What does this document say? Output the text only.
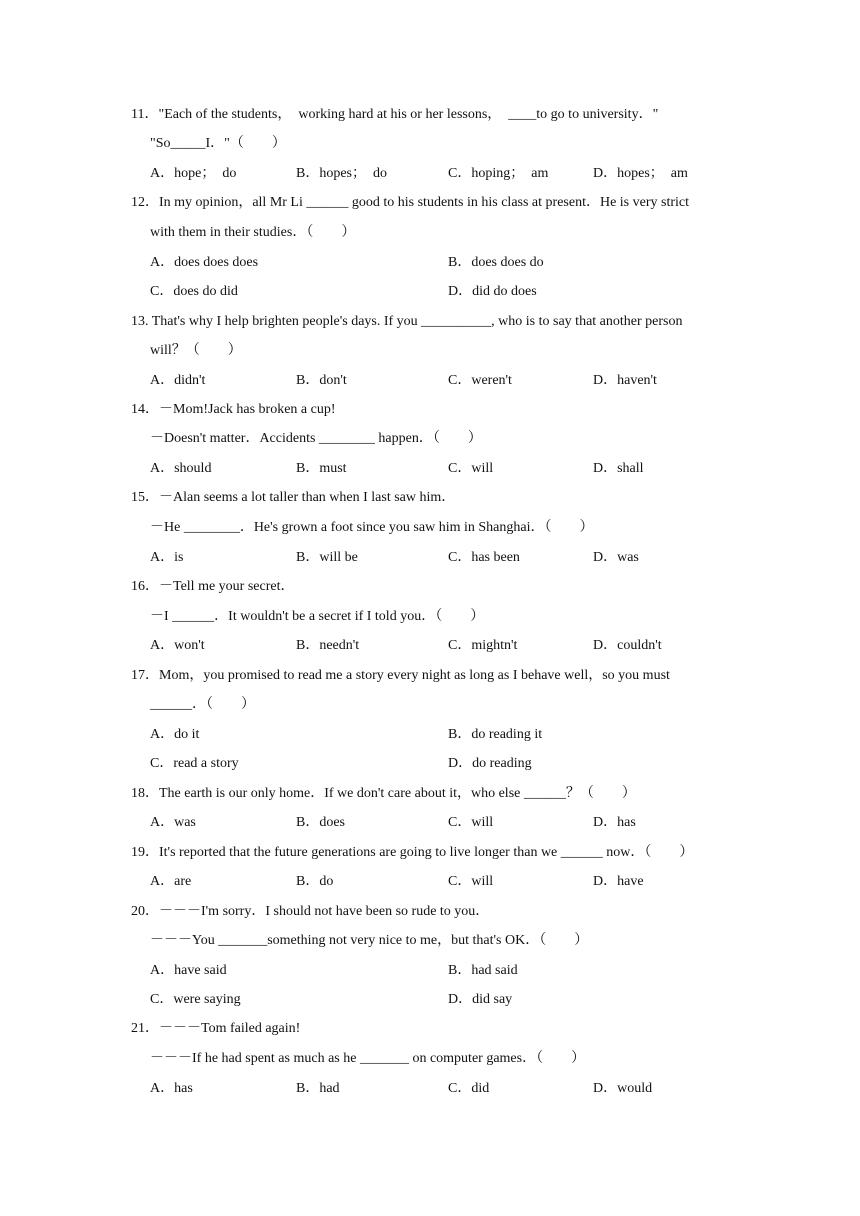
11．"Each of the students，  working hard at his or her lessons，  ____to go to university．"
"So_____I．"（　　）
A．hope；  do	B．hopes；  do	C．hoping；  am	D．hopes；  am
12．In my opinion，all Mr Li ______ good to his students in his class at present．He is very strict
with them in their studies．（　　）
A．does does does	B．does does do
C．does do did	D．did do does
13. That's why I help brighten people's days. If you __________, who is to say that another person
will？（　　）
A．didn't	B．don't	C．weren't	D．haven't
14．－Mom!Jack has broken a cup!
－Doesn't matter．Accidents ________ happen．（　　）
A．should	B．must	C．will	D．shall
15．－Alan seems a lot taller than when I last saw him．
－He ________．He's grown a foot since you saw him in Shanghai．（　　）
A．is	B．will be	C．has been	D．was
16．－Tell me your secret．
－I ______．It wouldn't be a secret if I told you．（　　）
A．won't	B．needn't	C．mightn't	D．couldn't
17．Mom，you promised to read me a story every night as long as I behave well，so you must
______．（　　）
A．do it	B．do reading it
C．read a story	D．do reading
18．The earth is our only home．If we don't care about it，who else ______？（　　）
A．was	B．does	C．will	D．has
19．It's reported that the future generations are going to live longer than we ______ now．（　　）
A．are	B．do	C．will	D．have
20．－－－I'm sorry．I should not have been so rude to you．
－－－You _______something not very nice to me，but that's OK．（　　）
A．have said	B．had said
C．were saying	D．did say
21．－－－Tom failed again!
－－－If he had spent as much as he _______ on computer games．（　　）
A．has	B．had	C．did	D．would
